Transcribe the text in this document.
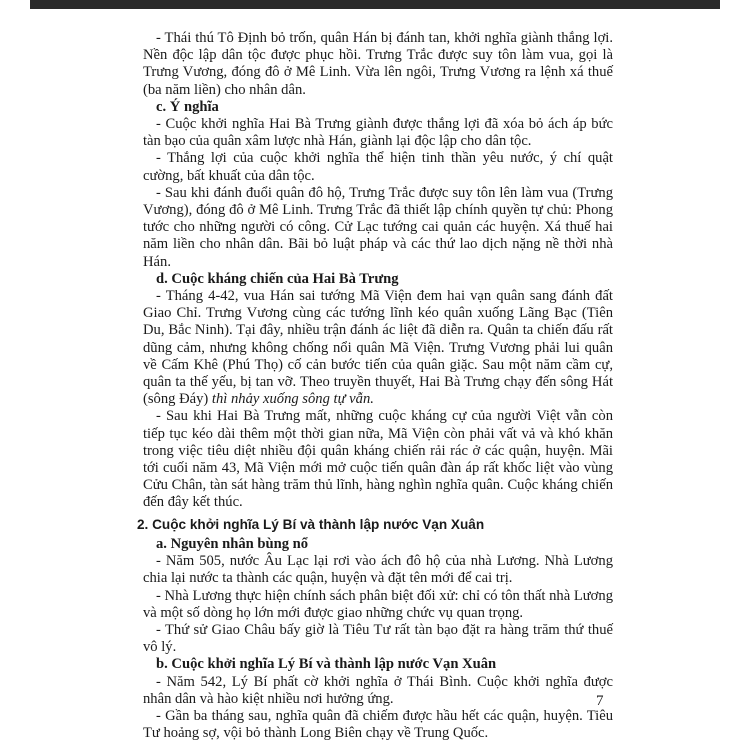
- Thái thú Tô Định bỏ trốn, quân Hán bị đánh tan, khởi nghĩa giành thắng lợi. Nền độc lập dân tộc được phục hồi. Trưng Trắc được suy tôn làm vua, gọi là Trưng Vương, đóng đô ở Mê Linh. Vừa lên ngôi, Trưng Vương ra lệnh xá thuế (ba năm liền) cho nhân dân.

c. Ý nghĩa

- Cuộc khởi nghĩa Hai Bà Trưng giành được thắng lợi đã xóa bỏ ách áp bức tàn bạo của quân xâm lược nhà Hán, giành lại độc lập cho dân tộc.

- Thắng lợi của cuộc khởi nghĩa thể hiện tinh thần yêu nước, ý chí quật cường, bất khuất của dân tộc.

- Sau khi đánh đuổi quân đô hộ, Trưng Trắc được suy tôn lên làm vua (Trưng Vương), đóng đô ở Mê Linh. Trưng Trắc đã thiết lập chính quyền tự chủ: Phong tước cho những người có công. Cử Lạc tướng cai quản các huyện. Xá thuế hai năm liền cho nhân dân. Bãi bỏ luật pháp và các thứ lao dịch nặng nề thời nhà Hán.

d. Cuộc kháng chiến của Hai Bà Trưng

- Tháng 4-42, vua Hán sai tướng Mã Viện đem hai vạn quân sang đánh đất Giao Chỉ. Trưng Vương cùng các tướng lĩnh kéo quân xuống Lãng Bạc (Tiên Du, Bắc Ninh). Tại đây, nhiều trận đánh ác liệt đã diễn ra. Quân ta chiến đấu rất dũng cảm, nhưng không chống nổi quân Mã Viện. Trưng Vương phải lui quân về Cấm Khê (Phú Thọ) cố cản bước tiến của quân giặc. Sau một năm cầm cự, quân ta thế yếu, bị tan vỡ. Theo truyền thuyết, Hai Bà Trưng chạy đến sông Hát (sông Đáy) thì nhảy xuống sông tự vẫn.

- Sau khi Hai Bà Trưng mất, những cuộc kháng cự của người Việt vẫn còn tiếp tục kéo dài thêm một thời gian nữa, Mã Viện còn phải vất vả và khó khăn trong việc tiêu diệt nhiều đội quân kháng chiến rải rác ở các quận, huyện. Mãi tới cuối năm 43, Mã Viện mới mở cuộc tiến quân đàn áp rất khốc liệt vào vùng Cửu Chân, tàn sát hàng trăm thủ lĩnh, hàng nghìn nghĩa quân. Cuộc kháng chiến đến đây kết thúc.

2. Cuộc khởi nghĩa Lý Bí và thành lập nước Vạn Xuân

a. Nguyên nhân bùng nổ

- Năm 505, nước Âu Lạc lại rơi vào ách đô hộ của nhà Lương. Nhà Lương chia lại nước ta thành các quận, huyện và đặt tên mới để cai trị.

- Nhà Lương thực hiện chính sách phân biệt đối xử: chỉ có tôn thất nhà Lương và một số dòng họ lớn mới được giao những chức vụ quan trọng.

- Thứ sử Giao Châu bấy giờ là Tiêu Tư rất tàn bạo đặt ra hàng trăm thứ thuế vô lý.

b. Cuộc khởi nghĩa Lý Bí và thành lập nước Vạn Xuân

- Năm 542, Lý Bí phất cờ khởi nghĩa ở Thái Bình. Cuộc khởi nghĩa được nhân dân và hào kiệt nhiều nơi hưởng ứng.

- Gần ba tháng sau, nghĩa quân đã chiếm được hầu hết các quận, huyện. Tiêu Tư hoảng sợ, vội bỏ thành Long Biên chạy về Trung Quốc.

7
